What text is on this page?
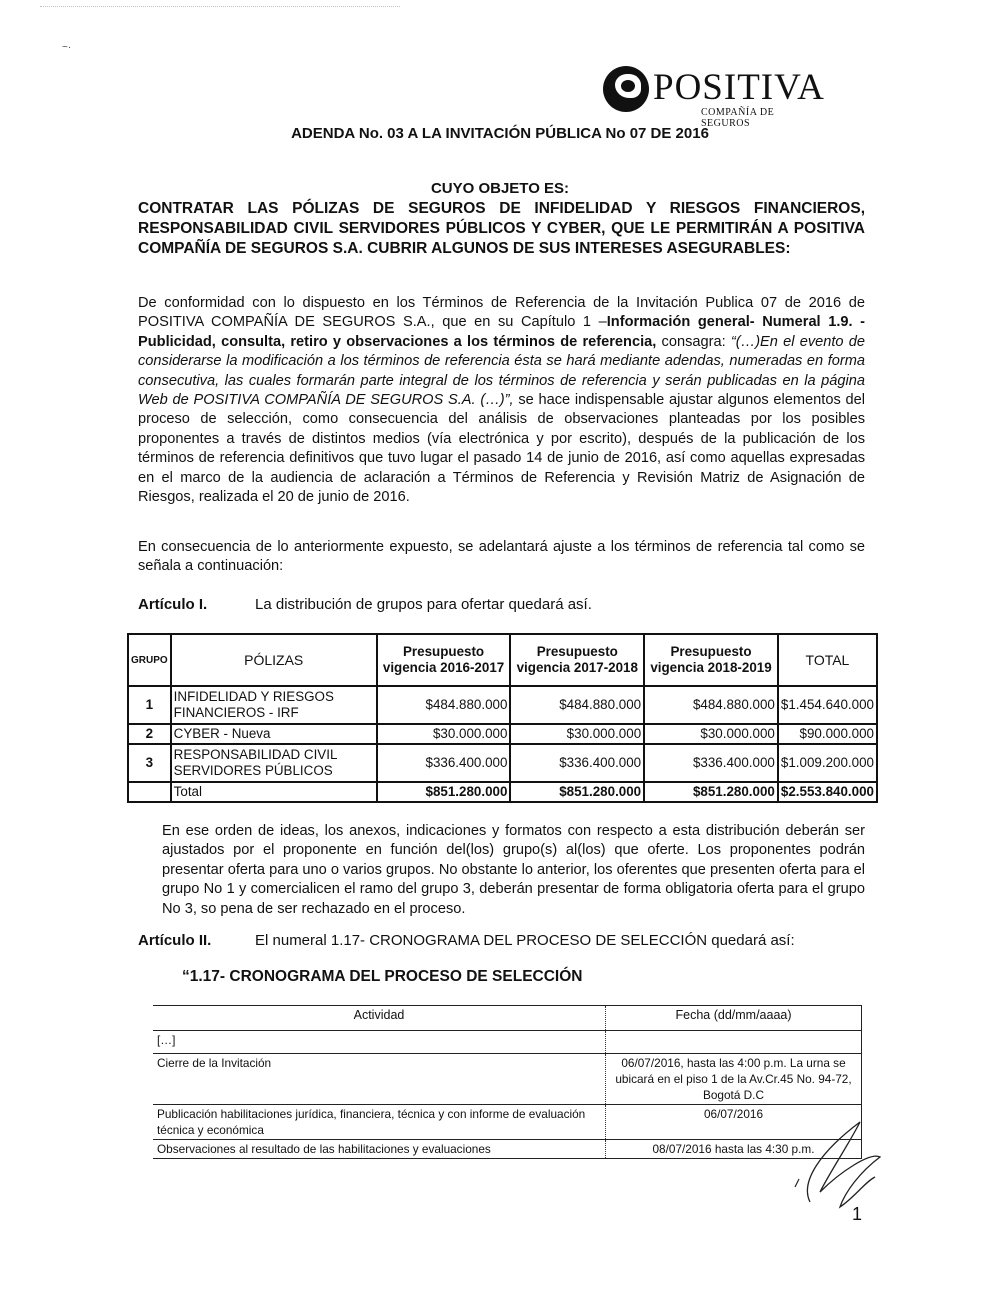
~·
POSITIVA
COMPAÑÍA DE SEGUROS
ADENDA No. 03 A LA INVITACIÓN PÚBLICA No 07 DE 2016
CUYO OBJETO ES:
CONTRATAR LAS PÓLIZAS DE SEGUROS DE INFIDELIDAD Y RIESGOS FINANCIEROS, RESPONSABILIDAD CIVIL SERVIDORES PÚBLICOS Y CYBER, QUE LE PERMITIRÁN A POSITIVA COMPAÑÍA DE SEGUROS S.A. CUBRIR ALGUNOS DE SUS INTERESES ASEGURABLES:
De conformidad con lo dispuesto en los Términos de Referencia de la Invitación Publica 07 de 2016 de POSITIVA COMPAÑÍA DE SEGUROS S.A., que en su Capítulo 1 –Información general- Numeral 1.9. - Publicidad, consulta, retiro y observaciones a los términos de referencia, consagra: “(…)En el evento de considerarse la modificación a los términos de referencia ésta se hará mediante adendas, numeradas en forma consecutiva, las cuales formarán parte integral de los términos de referencia y serán publicadas en la página Web de POSITIVA COMPAÑÍA DE SEGUROS S.A. (…)”, se hace indispensable ajustar algunos elementos del proceso de selección, como consecuencia del análisis de observaciones planteadas por los posibles proponentes a través de distintos medios (vía electrónica y por escrito), después de la publicación de los términos de referencia definitivos que tuvo lugar el pasado 14 de junio de 2016, así como aquellas expresadas en el marco de la audiencia de aclaración a Términos de Referencia y Revisión Matriz de Asignación de Riesgos, realizada el 20 de junio de 2016.
En consecuencia de lo anteriormente expuesto, se adelantará ajuste a los términos de referencia tal como se señala a continuación:
Artículo I.	La distribución de grupos para ofertar quedará así.
GRUPO	PÓLIZAS	Presupuesto vigencia 2016-2017	Presupuesto vigencia 2017-2018	Presupuesto vigencia 2018-2019	TOTAL
1	INFIDELIDAD Y RIESGOS FINANCIEROS - IRF	$484.880.000	$484.880.000	$484.880.000	$1.454.640.000
2	CYBER - Nueva	$30.000.000	$30.000.000	$30.000.000	$90.000.000
3	RESPONSABILIDAD CIVIL SERVIDORES PÚBLICOS	$336.400.000	$336.400.000	$336.400.000	$1.009.200.000
	Total	$851.280.000	$851.280.000	$851.280.000	$2.553.840.000
En ese orden de ideas, los anexos, indicaciones y formatos con respecto a esta distribución deberán ser ajustados por el proponente en función del(los) grupo(s) al(los) que oferte. Los proponentes podrán presentar oferta para uno o varios grupos. No obstante lo anterior, los oferentes que presenten oferta para el grupo No 1 y comercialicen el ramo del grupo 3, deberán presentar de forma obligatoria oferta para el grupo No 3, so pena de ser rechazado en el proceso.
Artículo II.	El numeral 1.17- CRONOGRAMA DEL PROCESO DE SELECCIÓN quedará así:
“1.17- CRONOGRAMA DEL PROCESO DE SELECCIÓN
Actividad	Fecha (dd/mm/aaaa)
[…]	
Cierre de la Invitación	06/07/2016, hasta las 4:00 p.m. La urna se ubicará en el piso 1 de la Av.Cr.45 No. 94-72, Bogotá D.C
Publicación habilitaciones jurídica, financiera, técnica y con informe de evaluación técnica y económica	06/07/2016
Observaciones al resultado de las habilitaciones y evaluaciones	08/07/2016 hasta las 4:30 p.m.
1
